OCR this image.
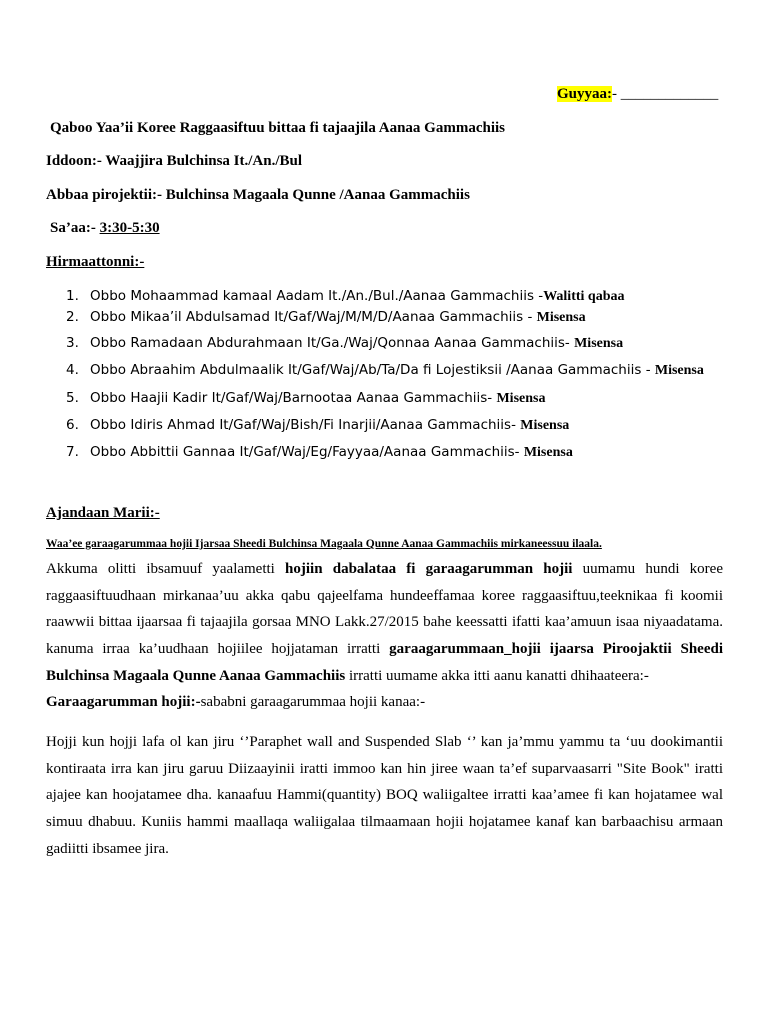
Guyyaa:- _____________
Qaboo Yaa’ii Koree Raggaasiftuu bittaa fi tajaajila Aanaa Gammachiis
Iddoon:- Waajjira Bulchinsa It./An./Bul
Abbaa pirojektii:- Bulchinsa Magaala Qunne /Aanaa Gammachiis
Sa’aa:- 3:30-5:30
Hirmaattonni:-
1. Obbo Mohaammad kamaal Aadam It./An./Bul./Aanaa Gammachiis -Walitti qabaa
2. Obbo Mikaa’il Abdulsamad It/Gaf/Waj/M/M/D/Aanaa Gammachiis - Misensa
3. Obbo Ramadaan Abdurahmaan It/Ga./Waj/Qonnaa Aanaa Gammachiis- Misensa
4. Obbo Abraahim Abdulmaalik It/Gaf/Waj/Ab/Ta/Da fi Lojestiksii /Aanaa Gammachiis - Misensa
5. Obbo Haajii Kadir It/Gaf/Waj/Barnootaa Aanaa Gammachiis- Misensa
6. Obbo Idiris Ahmad It/Gaf/Waj/Bish/Fi Inarjii/Aanaa Gammachiis- Misensa
7. Obbo Abbittii Gannaa It/Gaf/Waj/Eg/Fayyaa/Aanaa Gammachiis- Misensa
Ajandaan Marii:-
Waa’ee garaagarummaa hojii Ijarsaa Sheedi Bulchinsa Magaala Qunne Aanaa Gammachiis mirkaneessuu ilaala.
Akkuma olitti ibsamuuf yaalametti hojiin dabalataa fi garaagarumman hojii uumamu hundi koree
raggaasiftuudhaan mirkanaa’uu akka qabu qajeelfama hundeeffamaa koree raggaasiftuu,teeknikaa fi koomii
raawwii bittaa ijaarsaa fi tajaajila gorsaa MNO Lakk.27/2015 bahe keessatti ifatti kaa’amuun isaa niyaadatama.
kanuma irraa ka’uudhaan hojiilee hojjataman irratti garaagarummaan_hojii ijaarsa Piroojaktii Sheedi
Bulchinsa Magaala Qunne Aanaa Gammachiis irratti uumame akka itti aanu kanatti dhihaateera:-
Garaagarumman hojii:-sababni garaagarummaa hojii kanaa:-
Hojji kun hojji lafa ol kan jiru ‘’Paraphet wall and Suspended Slab ‘’ kan ja’mmu yammu ta ‘uu dookimantii
kontiraata irra kan jiru garuu Diizaayinii iratti immoo kan hin jiree waan ta’ef suparvaasarri "Site Book" iratti
ajajee kan hoojatamee dha. kanaafuu Hammi(quantity) BOQ waliigaltee irratti kaa’amee fi kan hojatamee wal
simuu dhabuu. Kuniis hammi maallaqa waliigalaa tilmaamaan hojii hojatamee kanaf kan barbaachisu armaan
gadiitti ibsamee jira.
